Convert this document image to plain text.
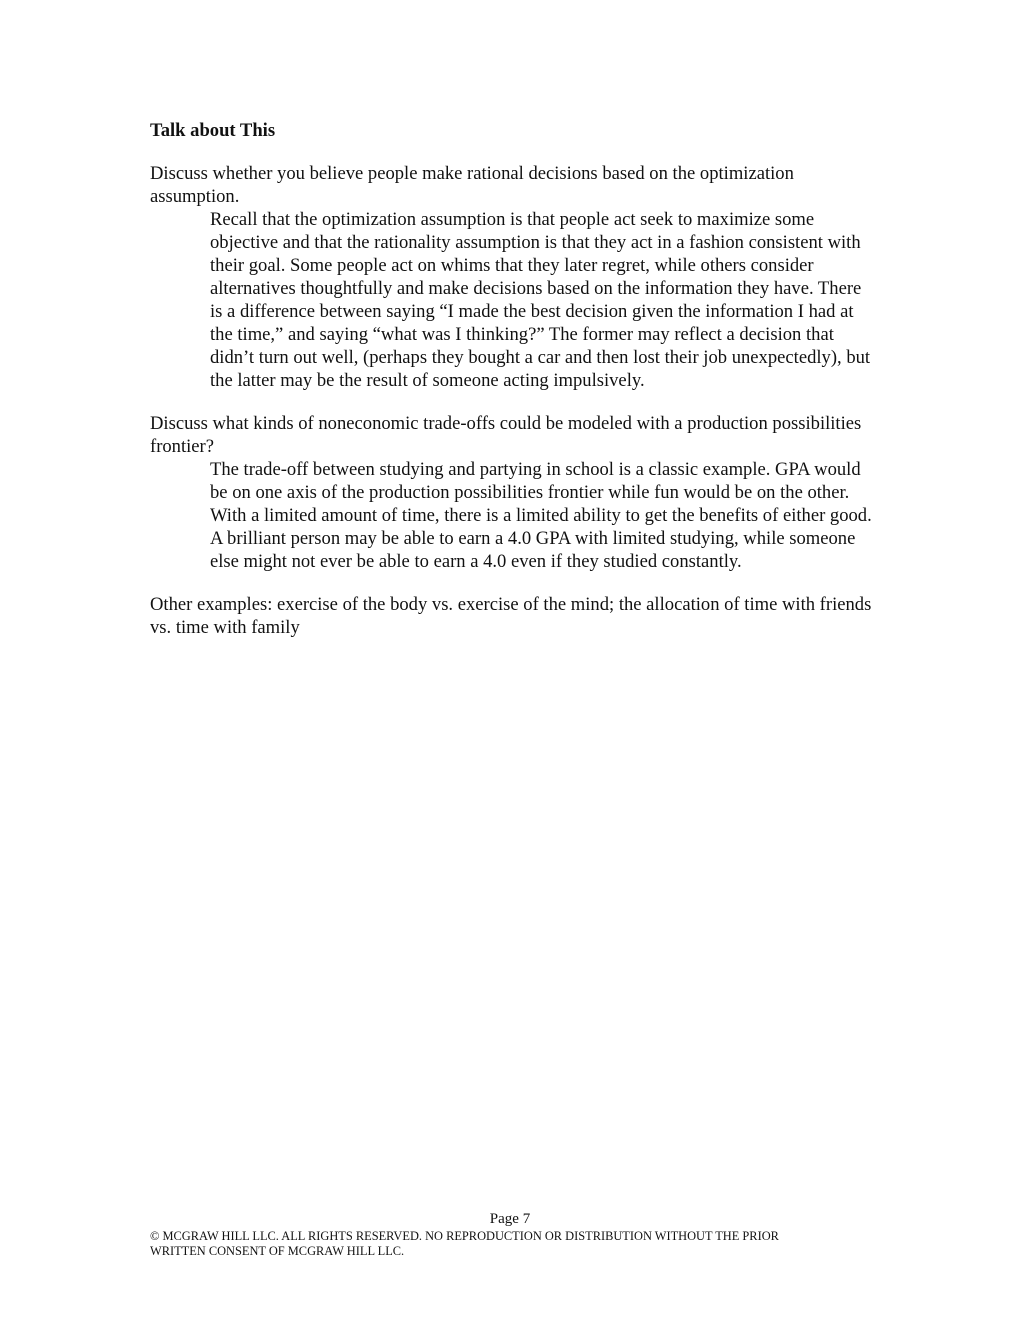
Talk about This

Discuss whether you believe people make rational decisions based on the optimization assumption.

Recall that the optimization assumption is that people act seek to maximize some objective and that the rationality assumption is that they act in a fashion consistent with their goal. Some people act on whims that they later regret, while others consider alternatives thoughtfully and make decisions based on the information they have. There is a difference between saying “I made the best decision given the information I had at the time,” and saying “what was I thinking?” The former may reflect a decision that didn’t turn out well, (perhaps they bought a car and then lost their job unexpectedly), but the latter may be the result of someone acting impulsively.

Discuss what kinds of noneconomic trade-offs could be modeled with a production possibilities frontier?

The trade-off between studying and partying in school is a classic example. GPA would be on one axis of the production possibilities frontier while fun would be on the other. With a limited amount of time, there is a limited ability to get the benefits of either good. A brilliant person may be able to earn a 4.0 GPA with limited studying, while someone else might not ever be able to earn a 4.0 even if they studied constantly.

Other examples: exercise of the body vs. exercise of the mind; the allocation of time with friends vs. time with family

Page 7
© MCGRAW HILL LLC. ALL RIGHTS RESERVED. NO REPRODUCTION OR DISTRIBUTION WITHOUT THE PRIOR
WRITTEN CONSENT OF MCGRAW HILL LLC.
